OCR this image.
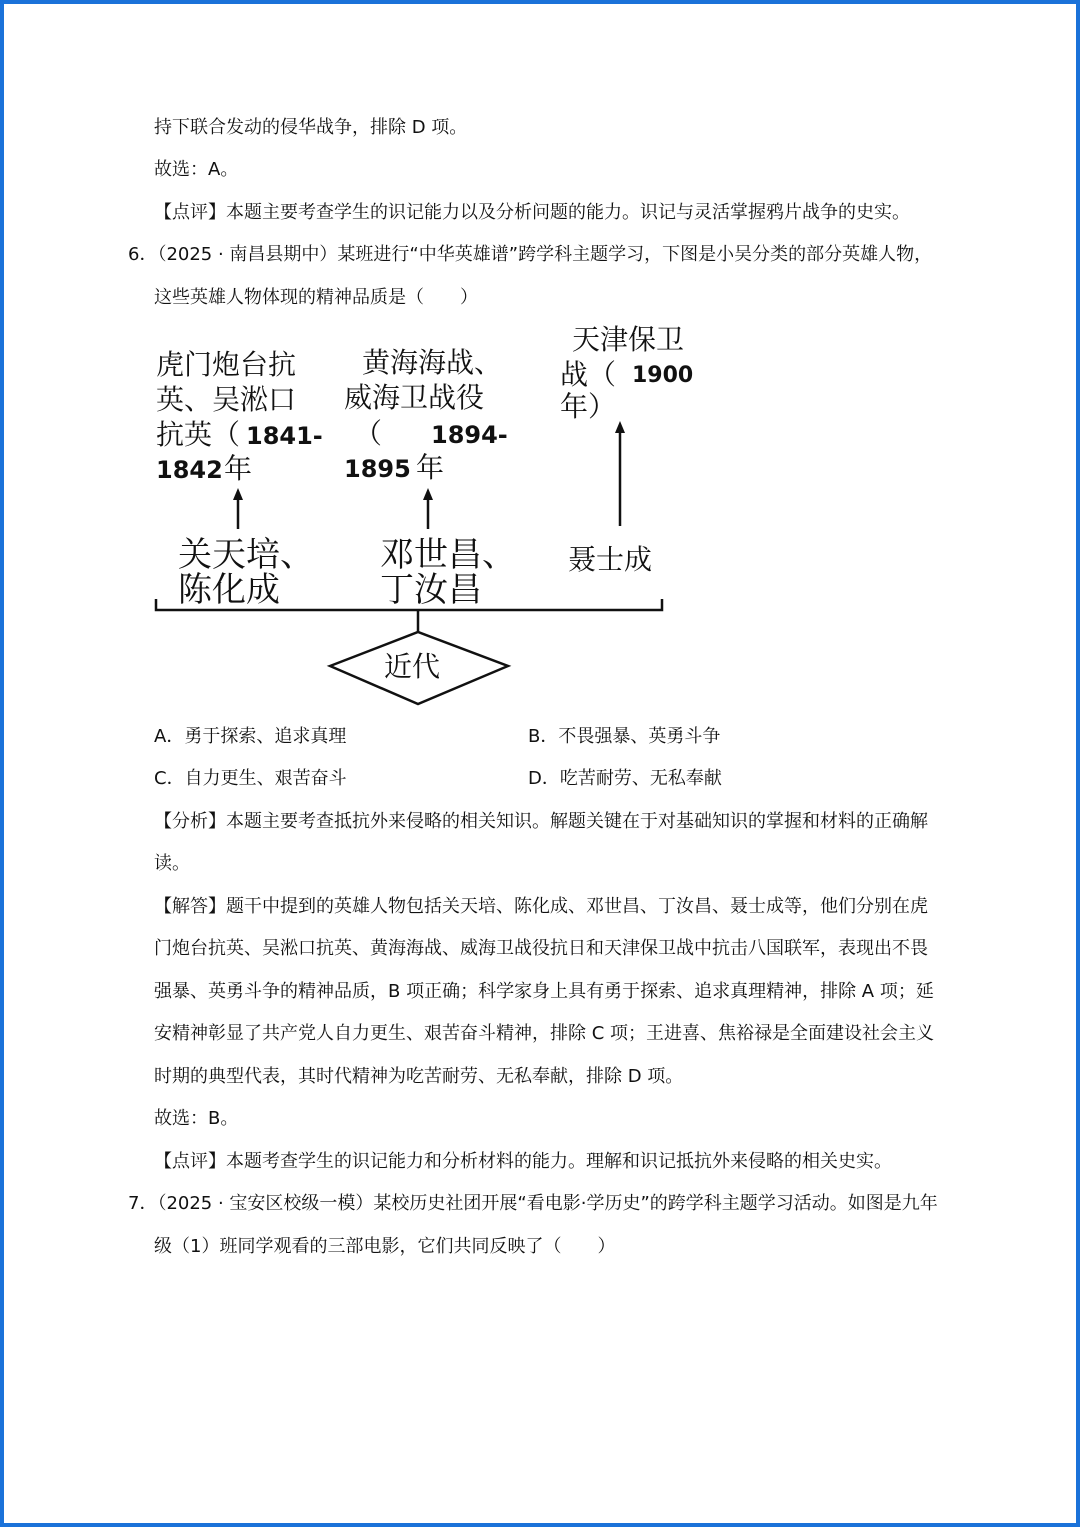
持下联合发动的侵华战争，排除 D 项。
故选：A。
【点评】本题主要考查学生的识记能力以及分析问题的能力。识记与灵活掌握鸦片战争的史实。
6．（2025 · 南昌县期中）某班进行“中华英雄谱”跨学科主题学习，下图是小吴分类的部分英雄人物，
这些英雄人物体现的精神品质是（　　）
虎门炮台抗
英、吴淞口
抗英（ 1841-
1842 年
黄海海战、
威海卫战役
（ 1894-
1895 年
天津保卫
战（ 1900
年）
关天培、
陈化成
邓世昌、
丁汝昌
聂士成
近代
A．勇于探索、追求真理	B．不畏强暴、英勇斗争
C．自力更生、艰苦奋斗	D．吃苦耐劳、无私奉献
【分析】本题主要考查抵抗外来侵略的相关知识。解题关键在于对基础知识的掌握和材料的正确解
读。
【解答】题干中提到的英雄人物包括关天培、陈化成、邓世昌、丁汝昌、聂士成等，他们分别在虎
门炮台抗英、吴淞口抗英、黄海海战、威海卫战役抗日和天津保卫战中抗击八国联军，表现出不畏
强暴、英勇斗争的精神品质，B 项正确；科学家身上具有勇于探索、追求真理精神，排除 A 项；延
安精神彰显了共产党人自力更生、艰苦奋斗精神，排除 C 项；王进喜、焦裕禄是全面建设社会主义
时期的典型代表，其时代精神为吃苦耐劳、无私奉献，排除 D 项。
故选：B。
【点评】本题考查学生的识记能力和分析材料的能力。理解和识记抵抗外来侵略的相关史实。
7．（2025 · 宝安区校级一模）某校历史社团开展“看电影·学历史”的跨学科主题学习活动。如图是九年
级（1）班同学观看的三部电影，它们共同反映了（　　）
